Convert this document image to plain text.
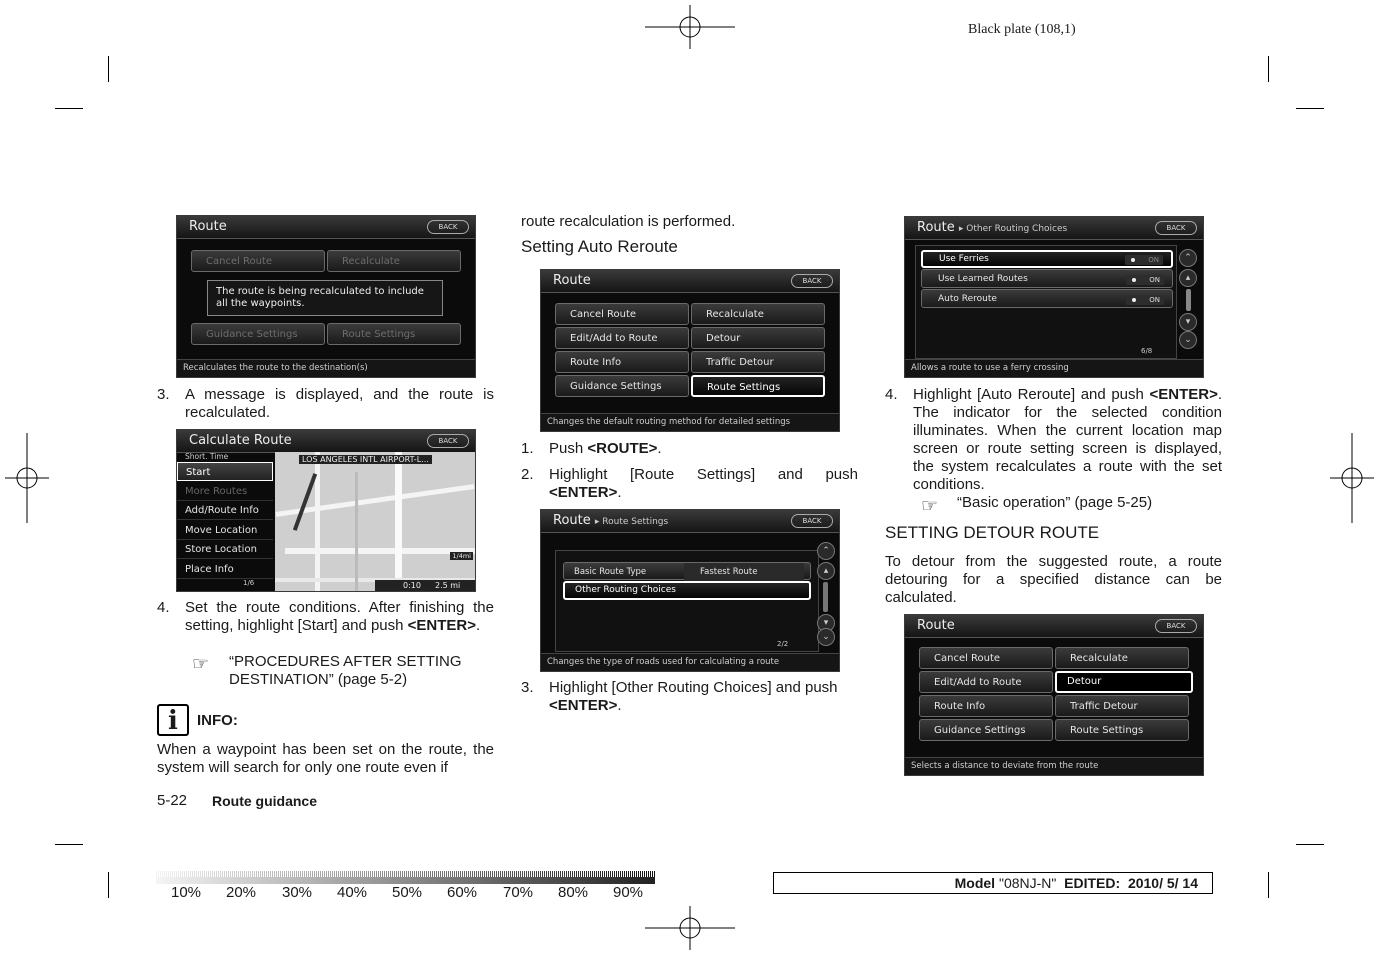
Black plate (108,1)
Route	BACK
Cancel Route	Recalculate
Guidance Settings	Route Settings
The route is being recalculated to include all the waypoints.
Recalculates the route to the destination(s)
3. A message is displayed, and the route is recalculated.
Calculate Route	BACK
Short. Time
Start
More Routes
Add/Route Info
Move Location
Store Location
Place Info
1/6
LOS ANGELES INTL AIRPORT-L...
1/4mi
0:10 2.5 mi
4. Set the route conditions. After finishing the setting, highlight [Start] and push <ENTER>.
☞ “PROCEDURES AFTER SETTING DESTINATION” (page 5-2)
i	INFO:
When a waypoint has been set on the route, the system will search for only one route even if
5-22 Route guidance
route recalculation is performed.
Setting Auto Reroute
Route	BACK
Cancel Route	Recalculate
Edit/Add to Route	Detour
Route Info	Traffic Detour
Guidance Settings	Route Settings
Changes the default routing method for detailed settings
1. Push <ROUTE>.
2. Highlight [Route Settings] and push <ENTER>.
Route ▸ Route Settings	BACK
Basic Route Type	Fastest Route
Other Routing Choices
⌃
▴
▾
⌄
2/2
Changes the type of roads used for calculating a route
3. Highlight [Other Routing Choices] and push <ENTER>.
Route ▸ Other Routing Choices	BACK
Use Ferries	ON
Use Learned Routes	ON
Auto Reroute	ON
⌃
▴
▾
⌄
6/8
Allows a route to use a ferry crossing
4. Highlight [Auto Reroute] and push <ENTER>. The indicator for the selected condition illuminates. When the current location map screen or route setting screen is displayed, the system recalculates a route with the set conditions.
☞ “Basic operation” (page 5-25)
SETTING DETOUR ROUTE
To detour from the suggested route, a route detouring for a specified distance can be calculated.
Route	BACK
Cancel Route	Recalculate
Edit/Add to Route	Detour
Route Info	Traffic Detour
Guidance Settings	Route Settings
Selects a distance to deviate from the route
10% 20% 30% 40% 50% 60% 70% 80% 90%
Model "08NJ-N" EDITED: 2010/ 5/ 14
